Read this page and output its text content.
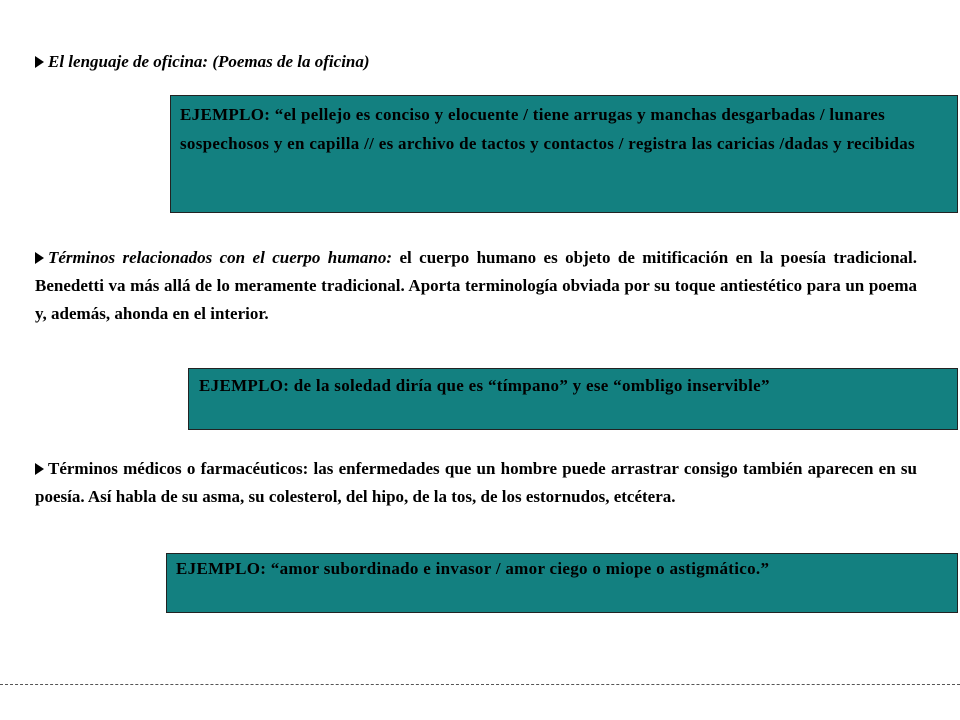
El lenguaje de oficina: (Poemas de la oficina)
EJEMPLO: “el pellejo es conciso y elocuente / tiene arrugas y manchas desgarbadas / lunares sospechosos y en capilla // es archivo de tactos y contactos / registra las caricias /dadas y recibidas
Términos relacionados con el cuerpo humano: el cuerpo humano es objeto de mitificación en la poesía tradicional. Benedetti va más allá de lo meramente tradicional. Aporta terminología obviada por su toque antiestético para un poema y, además, ahonda en el interior.
EJEMPLO: de la soledad diría que es “tímpano” y ese “ombligo inservible”
Términos médicos o farmacéuticos: las enfermedades que un hombre puede arrastrar consigo también aparecen en su poesía. Así habla de su asma, su colesterol, del hipo, de la tos, de los estornudos, etcétera.
EJEMPLO: “amor subordinado e invasor / amor ciego o miope o astigmático.”
